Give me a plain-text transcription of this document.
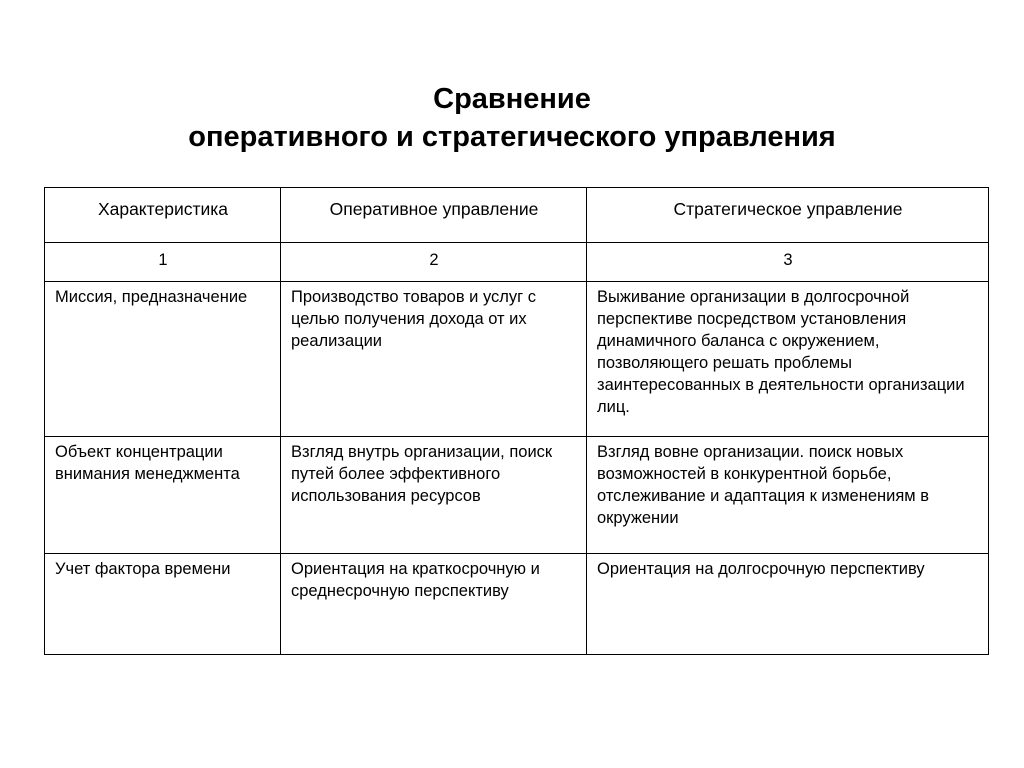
Сравнение
оперативного и стратегического управления
Характеристика	Оперативное управление	Стратегическое управление
1	2	3
Миссия, предназначение	Производство товаров и услуг с целью получения дохода от их реализации	Выживание организации в долгосрочной перспективе посредством установления динамичного баланса с окружением, позволяющего решать проблемы заинтересованных в деятельности организации лиц.
Объект концентрации внимания менеджмента	Взгляд внутрь организации, поиск путей более эффективного использования ресурсов	Взгляд вовне организации. поиск новых возможностей в конкурентной борьбе, отслеживание и адаптация к изменениям в окружении
Учет фактора времени	Ориентация на краткосрочную и среднесрочную перспективу	Ориентация на долгосрочную перспективу
